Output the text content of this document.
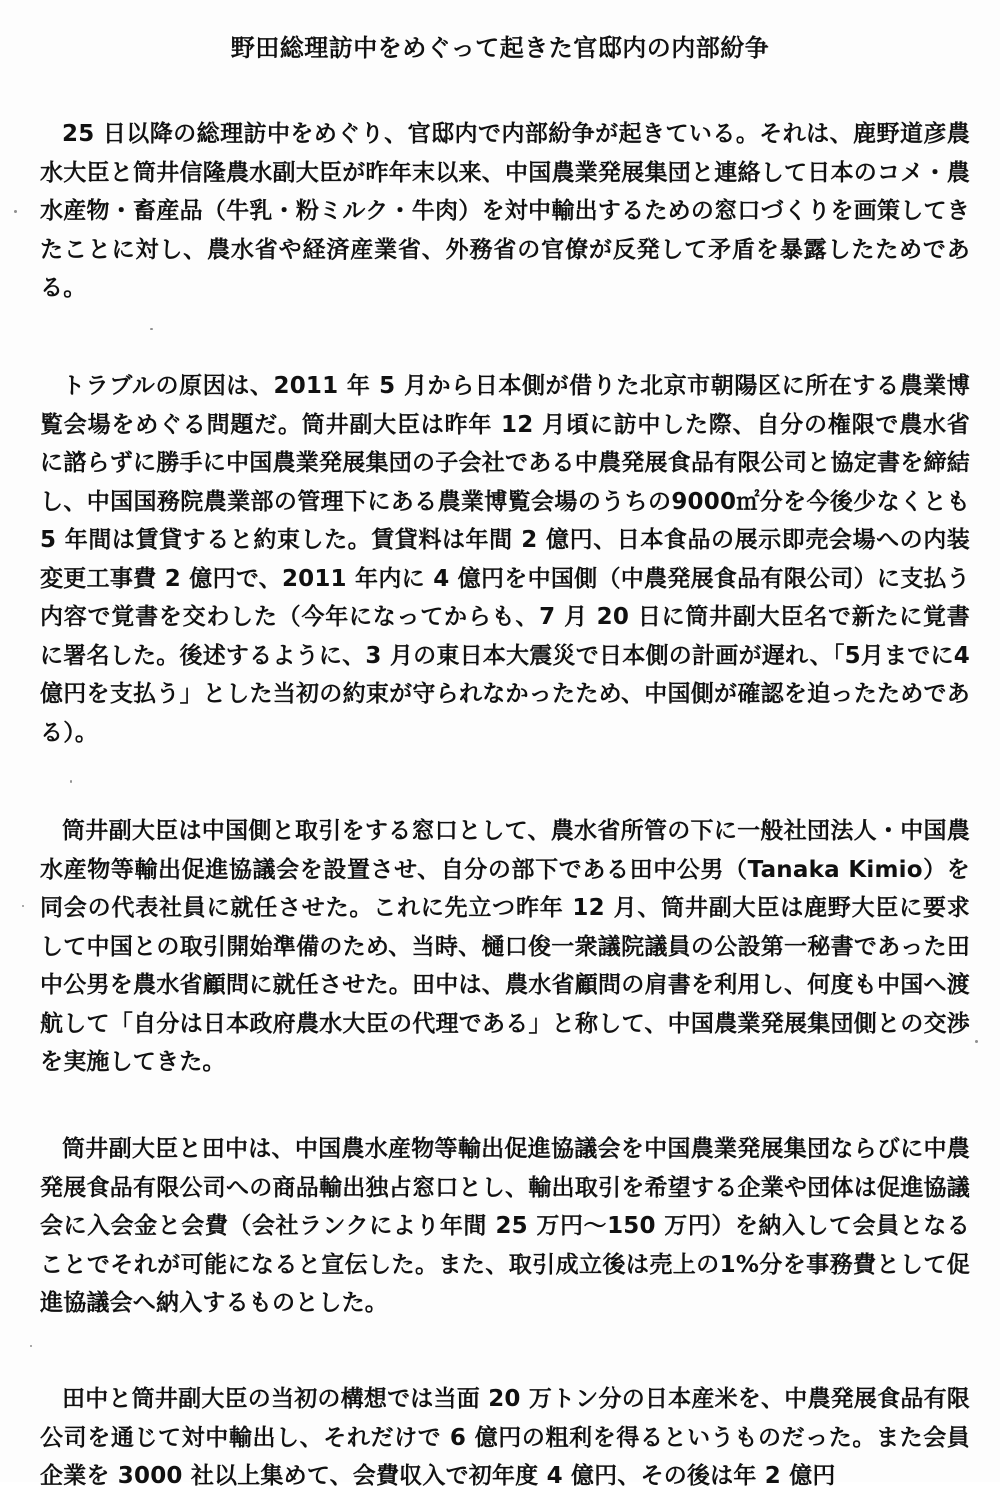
野田総理訪中をめぐって起きた官邸内の内部紛争
25 日以降の総理訪中をめぐり、官邸内で内部紛争が起きている。それは、鹿野道彦農水大臣と筒井信隆農水副大臣が昨年末以来、中国農業発展集団と連絡して日本のコメ・農水産物・畜産品（牛乳・粉ミルク・牛肉）を対中輸出するための窓口づくりを画策してきたことに対し、農水省や経済産業省、外務省の官僚が反発して矛盾を暴露したためである。
トラブルの原因は、2011 年 5 月から日本側が借りた北京市朝陽区に所在する農業博覧会場をめぐる問題だ。筒井副大臣は昨年 12 月頃に訪中した際、自分の権限で農水省に諮らずに勝手に中国農業発展集団の子会社である中農発展食品有限公司と協定書を締結し、中国国務院農業部の管理下にある農業博覧会場のうちの9000㎡分を今後少なくとも5 年間は賃貸すると約束した。賃貸料は年間 2 億円、日本食品の展示即売会場への内装変更工事費 2 億円で、2011 年内に 4 億円を中国側（中農発展食品有限公司）に支払う内容で覚書を交わした（今年になってからも、7 月 20 日に筒井副大臣名で新たに覚書に署名した。後述するように、3 月の東日本大震災で日本側の計画が遅れ、「5月までに4億円を支払う」とした当初の約束が守られなかったため、中国側が確認を迫ったためである）。
筒井副大臣は中国側と取引をする窓口として、農水省所管の下に一般社団法人・中国農水産物等輸出促進協議会を設置させ、自分の部下である田中公男（Tanaka Kimio）を同会の代表社員に就任させた。これに先立つ昨年 12 月、筒井副大臣は鹿野大臣に要求して中国との取引開始準備のため、当時、樋口俊一衆議院議員の公設第一秘書であった田中公男を農水省顧問に就任させた。田中は、農水省顧問の肩書を利用し、何度も中国へ渡航して「自分は日本政府農水大臣の代理である」と称して、中国農業発展集団側との交渉を実施してきた。
筒井副大臣と田中は、中国農水産物等輸出促進協議会を中国農業発展集団ならびに中農発展食品有限公司への商品輸出独占窓口とし、輸出取引を希望する企業や団体は促進協議会に入会金と会費（会社ランクにより年間 25 万円～150 万円）を納入して会員となることでそれが可能になると宣伝した。また、取引成立後は売上の1%分を事務費として促進協議会へ納入するものとした。
田中と筒井副大臣の当初の構想では当面 20 万トン分の日本産米を、中農発展食品有限公司を通じて対中輸出し、それだけで 6 億円の粗利を得るというものだった。また会員企業を 3000 社以上集めて、会費収入で初年度 4 億円、その後は年 2 億円
